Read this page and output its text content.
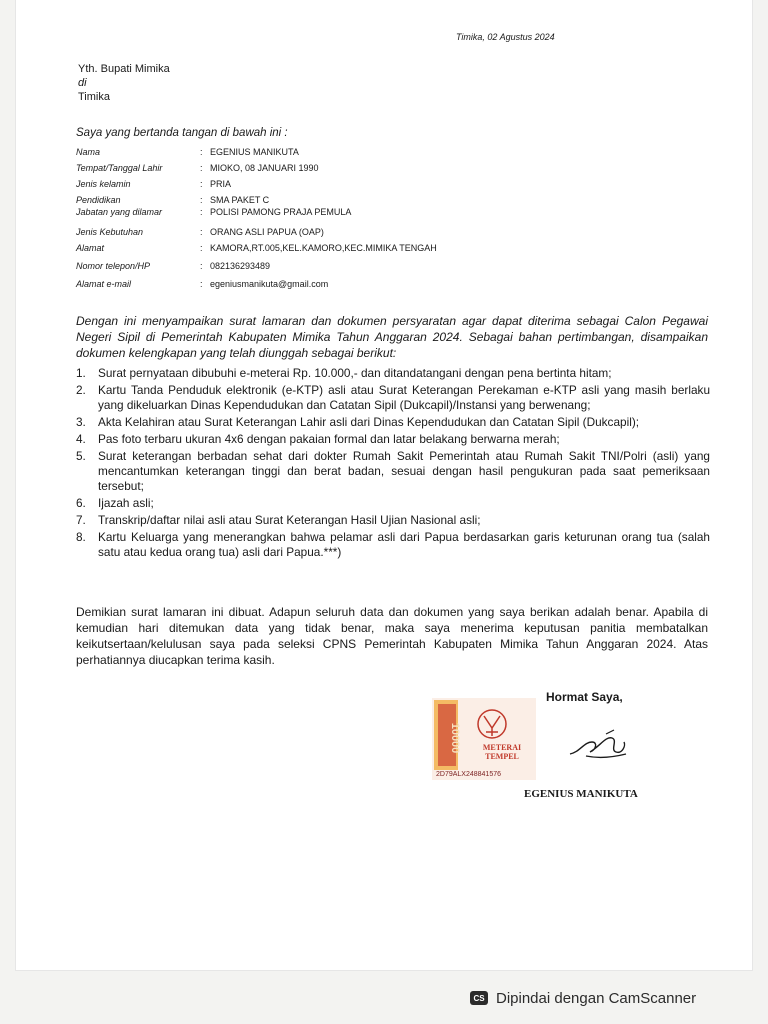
Timika, 02 Agustus 2024
Yth. Bupati Mimika
di
Timika
Saya yang bertanda tangan di bawah ini :
Nama	: EGENIUS MANIKUTA
Tempat/Tanggal Lahir	: MIOKO, 08 JANUARI 1990
Jenis kelamin	: PRIA
Pendidikan	: SMA PAKET C
Jabatan yang dilamar	: POLISI PAMONG PRAJA PEMULA
Jenis Kebutuhan	: ORANG ASLI PAPUA (OAP)
Alamat	: KAMORA,RT.005,KEL.KAMORO,KEC.MIMIKA TENGAH
Nomor telepon/HP	: 082136293489
Alamat e-mail	: egeniusmanikuta@gmail.com
Dengan ini menyampaikan surat lamaran dan dokumen persyaratan agar dapat diterima sebagai Calon Pegawai Negeri Sipil di Pemerintah Kabupaten Mimika Tahun Anggaran 2024. Sebagai bahan pertimbangan, disampaikan dokumen kelengkapan yang telah diunggah sebagai berikut:
1. Surat pernyataan dibubuhi e-meterai Rp. 10.000,- dan ditandatangani dengan pena bertinta hitam;
2. Kartu Tanda Penduduk elektronik (e-KTP) asli atau Surat Keterangan Perekaman e-KTP asli yang masih berlaku yang dikeluarkan Dinas Kependudukan dan Catatan Sipil (Dukcapil)/Instansi yang berwenang;
3. Akta Kelahiran atau Surat Keterangan Lahir asli dari Dinas Kependudukan dan Catatan Sipil (Dukcapil);
4. Pas foto terbaru ukuran 4x6 dengan pakaian formal dan latar belakang berwarna merah;
5. Surat keterangan berbadan sehat dari dokter Rumah Sakit Pemerintah atau Rumah Sakit TNI/Polri (asli) yang mencantumkan keterangan tinggi dan berat badan, sesuai dengan hasil pengukuran pada saat pemeriksaan tersebut;
6. Ijazah asli;
7. Transkrip/daftar nilai asli atau Surat Keterangan Hasil Ujian Nasional asli;
8. Kartu Keluarga yang menerangkan bahwa pelamar asli dari Papua berdasarkan garis keturunan orang tua (salah satu atau kedua orang tua) asli dari Papua.***)
Demikian surat lamaran ini dibuat. Adapun seluruh data dan dokumen yang saya berikan adalah benar. Apabila di kemudian hari ditemukan data yang tidak benar, maka saya menerima keputusan panitia membatalkan keikutsertaan/kelulusan saya pada seleksi CPNS Pemerintah Kabupaten Mimika Tahun Anggaran 2024. Atas perhatiannya diucapkan terima kasih.
Hormat Saya,
10000	METERAI
TEMPEL
2D79ALX248841576
EGENIUS MANIKUTA
CS Dipindai dengan CamScanner
